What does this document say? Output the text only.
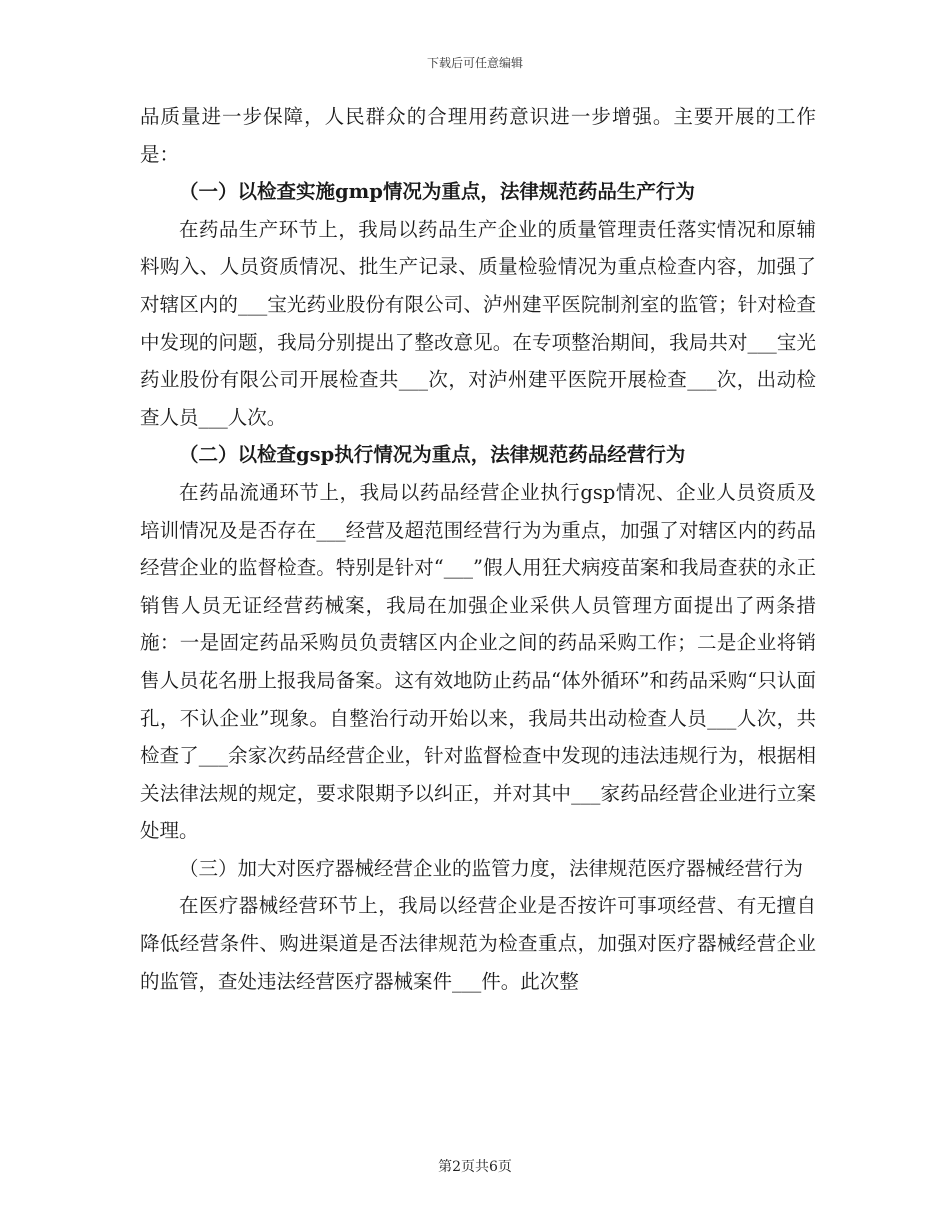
下载后可任意编辑

品质量进一步保障，人民群众的合理用药意识进一步增强。主要开展的工作是：

（一）以检查实施gmp情况为重点，法律规范药品生产行为

在药品生产环节上，我局以药品生产企业的质量管理责任落实情况和原辅料购入、人员资质情况、批生产记录、质量检验情况为重点检查内容，加强了对辖区内的___宝光药业股份有限公司、泸州建平医院制剂室的监管；针对检查中发现的问题，我局分别提出了整改意见。在专项整治期间，我局共对___宝光药业股份有限公司开展检查共___次，对泸州建平医院开展检查___次，出动检查人员___人次。

（二）以检查gsp执行情况为重点，法律规范药品经营行为

在药品流通环节上，我局以药品经营企业执行gsp情况、企业人员资质及培训情况及是否存在___经营及超范围经营行为为重点，加强了对辖区内的药品经营企业的监督检查。特别是针对“___”假人用狂犬病疫苗案和我局查获的永正销售人员无证经营药械案，我局在加强企业采供人员管理方面提出了两条措施：一是固定药品采购员负责辖区内企业之间的药品采购工作；二是企业将销售人员花名册上报我局备案。这有效地防止药品“体外循环”和药品采购“只认面孔，不认企业”现象。自整治行动开始以来，我局共出动检查人员___人次，共检查了___余家次药品经营企业，针对监督检查中发现的违法违规行为，根据相关法律法规的规定，要求限期予以纠正，并对其中___家药品经营企业进行立案处理。

（三）加大对医疗器械经营企业的监管力度，法律规范医疗器械经营行为

在医疗器械经营环节上，我局以经营企业是否按许可事项经营、有无擅自降低经营条件、购进渠道是否法律规范为检查重点，加强对医疗器械经营企业的监管，查处违法经营医疗器械案件___件。此次整

第2页共6页
